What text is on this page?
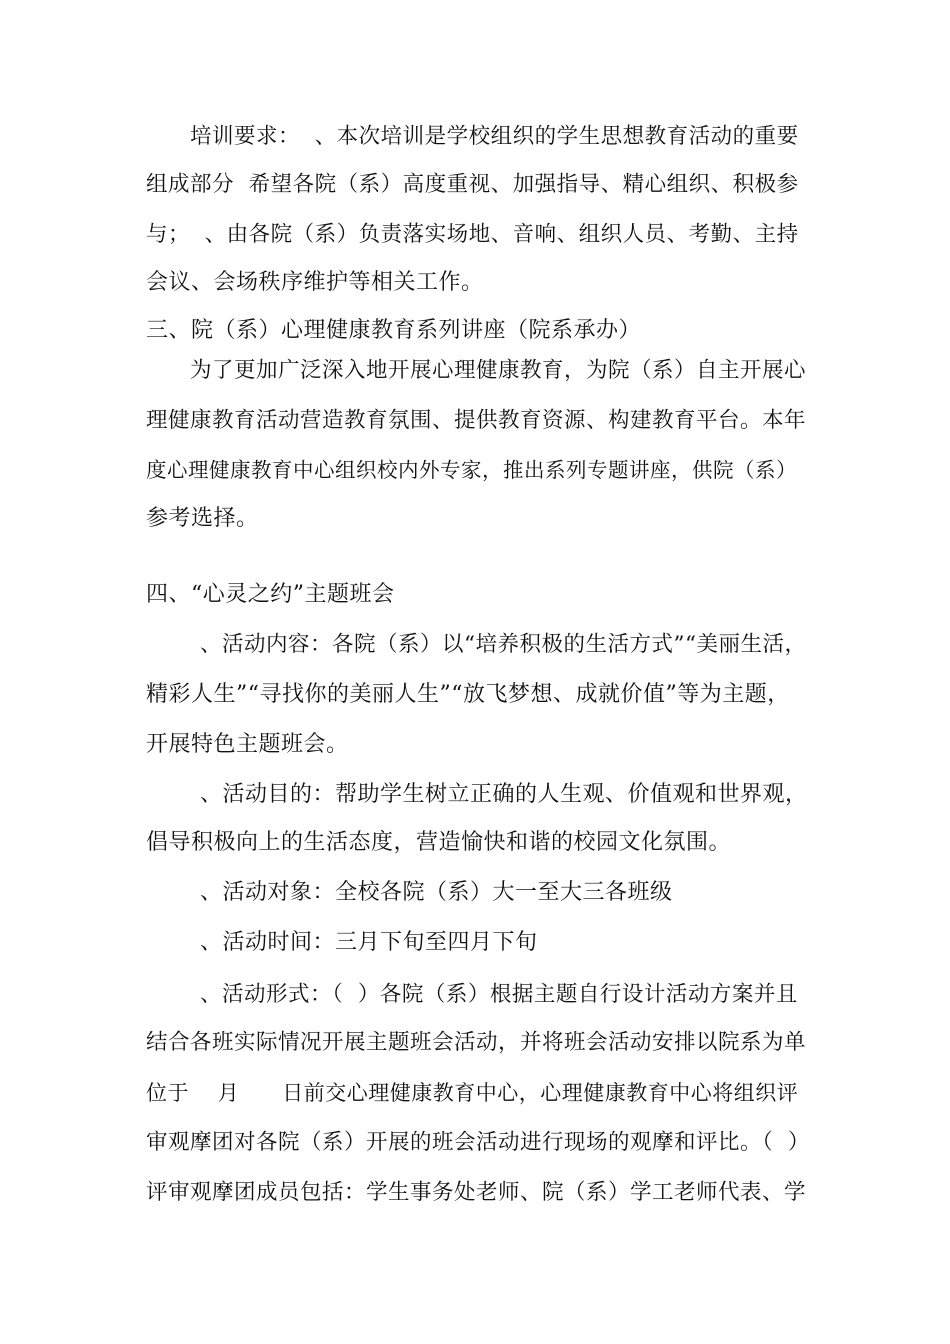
培训要求：  、本次培训是学校组织的学生思想教育活动的重要
组成部分  希望各院（系）高度重视、加强指导、精心组织、积极参
与；  、由各院（系）负责落实场地、音响、组织人员、考勤、主持
会议、会场秩序维护等相关工作。
三、院（系）心理健康教育系列讲座（院系承办）
为了更加广泛深入地开展心理健康教育，为院（系）自主开展心
理健康教育活动营造教育氛围、提供教育资源、构建教育平台。本年
度心理健康教育中心组织校内外专家，推出系列专题讲座，供院（系）
参考选择。
四、“心灵之约”主题班会
、活动内容：各院（系）以“培养积极的生活方式”“美丽生活，
精彩人生”“寻找你的美丽人生”“放飞梦想、成就价值”等为主题，
开展特色主题班会。
、活动目的：帮助学生树立正确的人生观、价值观和世界观，
倡导积极向上的生活态度，营造愉快和谐的校园文化氛围。
、活动对象：全校各院（系）大一至大三各班级
、活动时间：三月下旬至四月下旬
、活动形式：（  ）各院（系）根据主题自行设计活动方案并且
结合各班实际情况开展主题班会活动，并将班会活动安排以院系为单
位于    月      日前交心理健康教育中心，心理健康教育中心将组织评
审观摩团对各院（系）开展的班会活动进行现场的观摩和评比。（  ）
评审观摩团成员包括：学生事务处老师、院（系）学工老师代表、学
